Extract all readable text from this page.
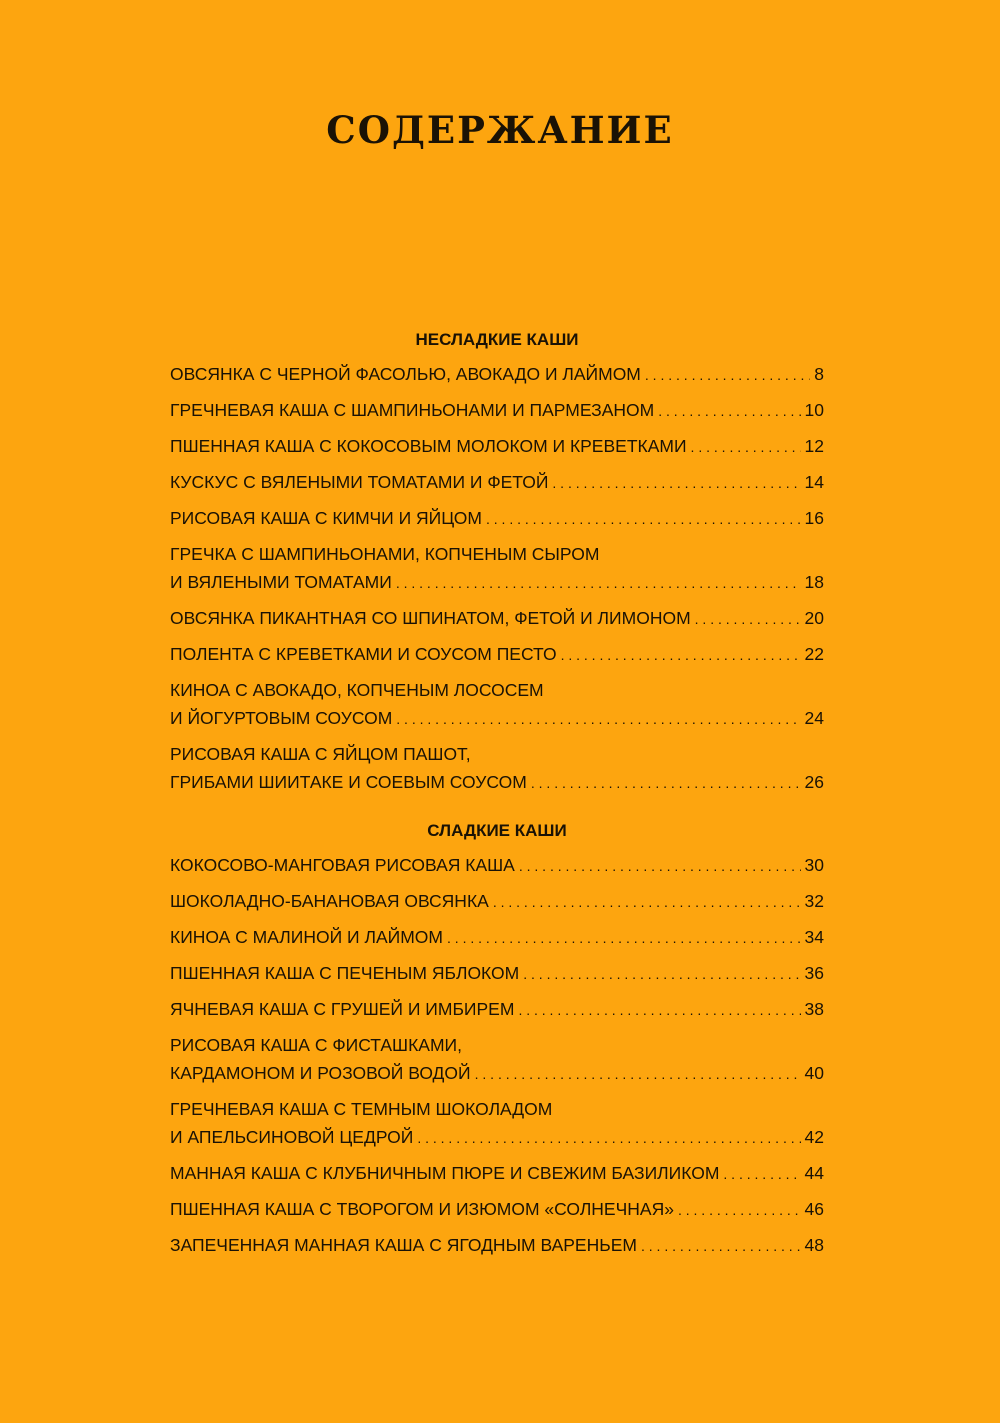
СОДЕРЖАНИЕ
НЕСЛАДКИЕ КАШИ
ОВСЯНКА С ЧЕРНОЙ ФАСОЛЬЮ, АВОКАДО И ЛАЙМОМ . . .	8
ГРЕЧНЕВАЯ КАША С ШАМПИНЬОНАМИ И ПАРМЕЗАНОМ . . .	10
ПШЕННАЯ КАША С КОКОСОВЫМ МОЛОКОМ И КРЕВЕТКАМИ . . .	12
КУСКУС С ВЯЛЕНЫМИ ТОМАТАМИ И ФЕТОЙ . . .	14
РИСОВАЯ КАША С КИМЧИ И ЯЙЦОМ . . .	16
ГРЕЧКА С ШАМПИНЬОНАМИ, КОПЧЕНЫМ СЫРОМ
И ВЯЛЕНЫМИ ТОМАТАМИ . . .	18
ОВСЯНКА ПИКАНТНАЯ СО ШПИНАТОМ, ФЕТОЙ И ЛИМОНОМ . . .	20
ПОЛЕНТА С КРЕВЕТКАМИ И СОУСОМ ПЕСТО . . .	22
КИНОА С АВОКАДО, КОПЧЕНЫМ ЛОСОСЕМ
И ЙОГУРТОВЫМ СОУСОМ . . .	24
РИСОВАЯ КАША С ЯЙЦОМ ПАШОТ,
ГРИБАМИ ШИИТАКЕ И СОЕВЫМ СОУСОМ . . .	26
СЛАДКИЕ КАШИ
КОКОСОВО-МАНГОВАЯ РИСОВАЯ КАША . . .	30
ШОКОЛАДНО-БАНАНОВАЯ ОВСЯНКА . . .	32
КИНОА С МАЛИНОЙ И ЛАЙМОМ . . .	34
ПШЕННАЯ КАША С ПЕЧЕНЫМ ЯБЛОКОМ . . .	36
ЯЧНЕВАЯ КАША С ГРУШЕЙ И ИМБИРЕМ . . .	38
РИСОВАЯ КАША С ФИСТАШКАМИ,
КАРДАМОНОМ И РОЗОВОЙ ВОДОЙ . . .	40
ГРЕЧНЕВАЯ КАША С ТЕМНЫМ ШОКОЛАДОМ
И АПЕЛЬСИНОВОЙ ЦЕДРОЙ . . .	42
МАННАЯ КАША С КЛУБНИЧНЫМ ПЮРЕ И СВЕЖИМ БАЗИЛИКОМ . . .	44
ПШЕННАЯ КАША С ТВОРОГОМ И ИЗЮМОМ «СОЛНЕЧНАЯ» . . .	46
ЗАПЕЧЕННАЯ МАННАЯ КАША С ЯГОДНЫМ ВАРЕНЬЕМ . . .	48
